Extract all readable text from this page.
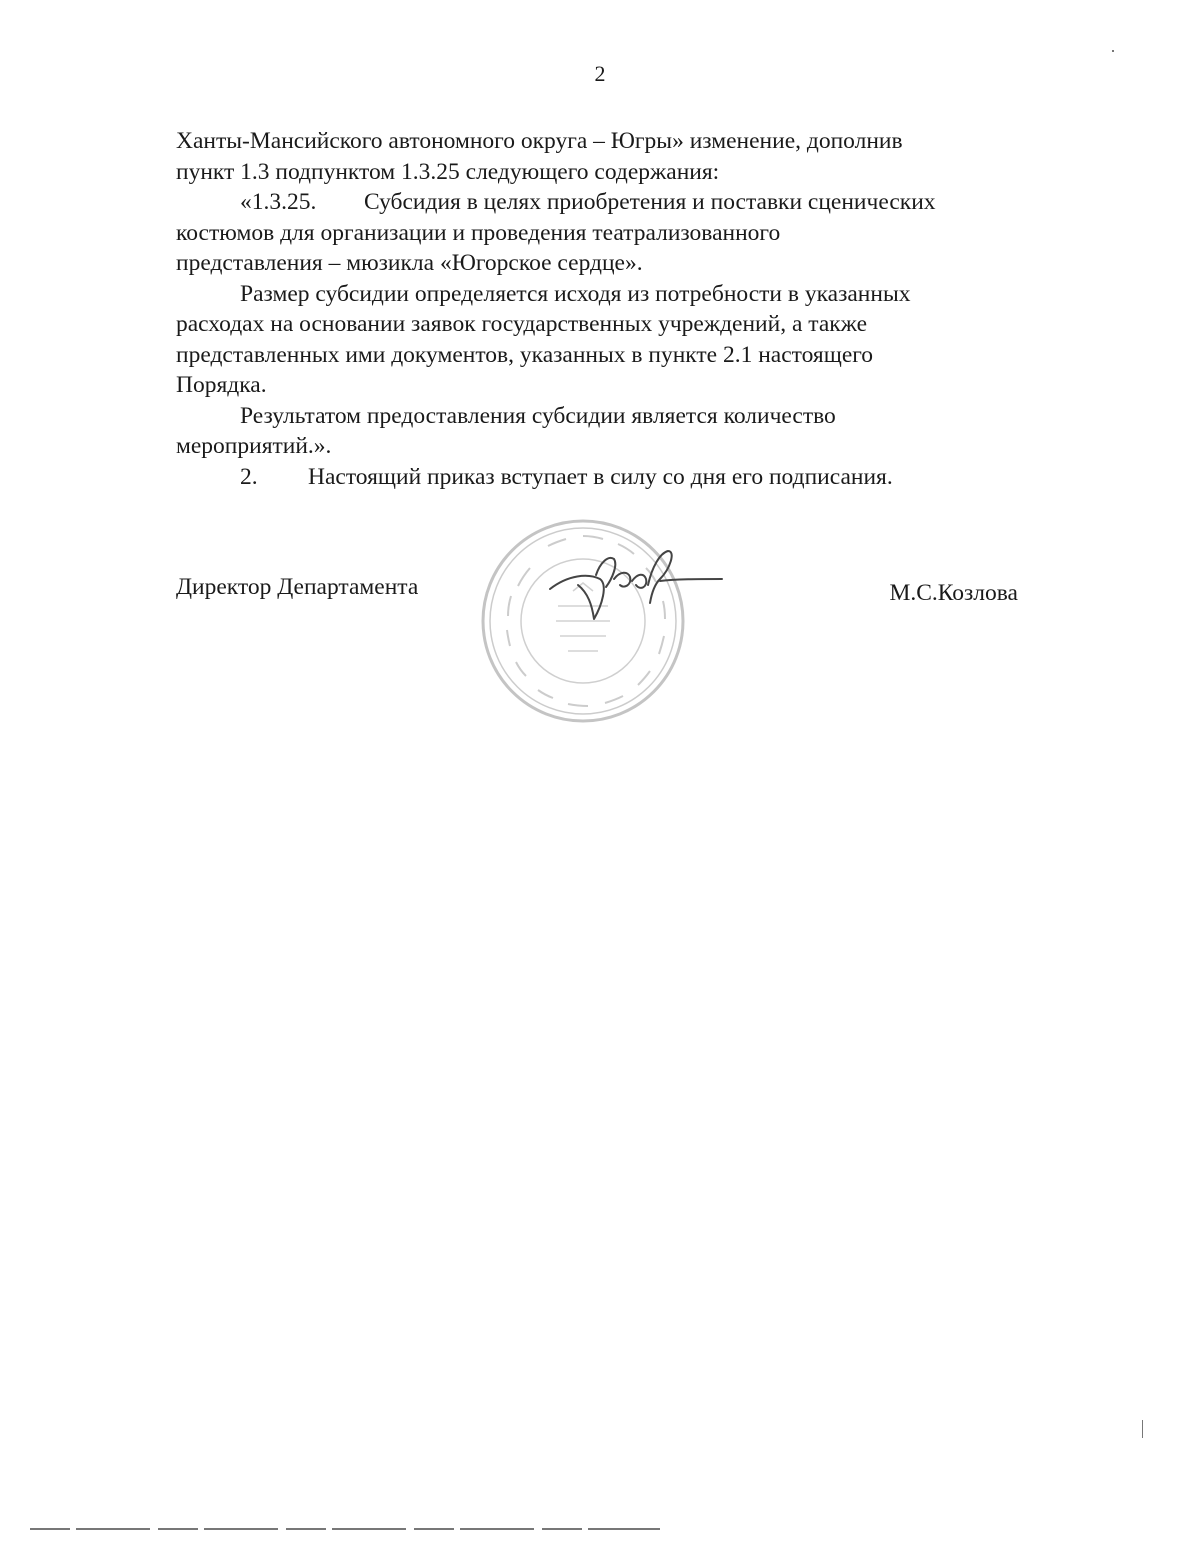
2

Ханты-Мансийского автономного округа – Югры» изменение, дополнив

пункт 1.3 подпунктом 1.3.25 следующего содержания:

«1.3.25. Субсидия в целях приобретения и поставки сценических

костюмов для организации и проведения театрализованного

представления – мюзикла «Югорское сердце».

Размер субсидии определяется исходя из потребности в указанных

расходах на основании заявок государственных учреждений, а также

представленных ими документов, указанных в пункте 2.1 настоящего

Порядка.

Результатом предоставления субсидии является количество

мероприятий.».

2. Настоящий приказ вступает в силу со дня его подписания.

Директор Департамента	М.С.Козлова
